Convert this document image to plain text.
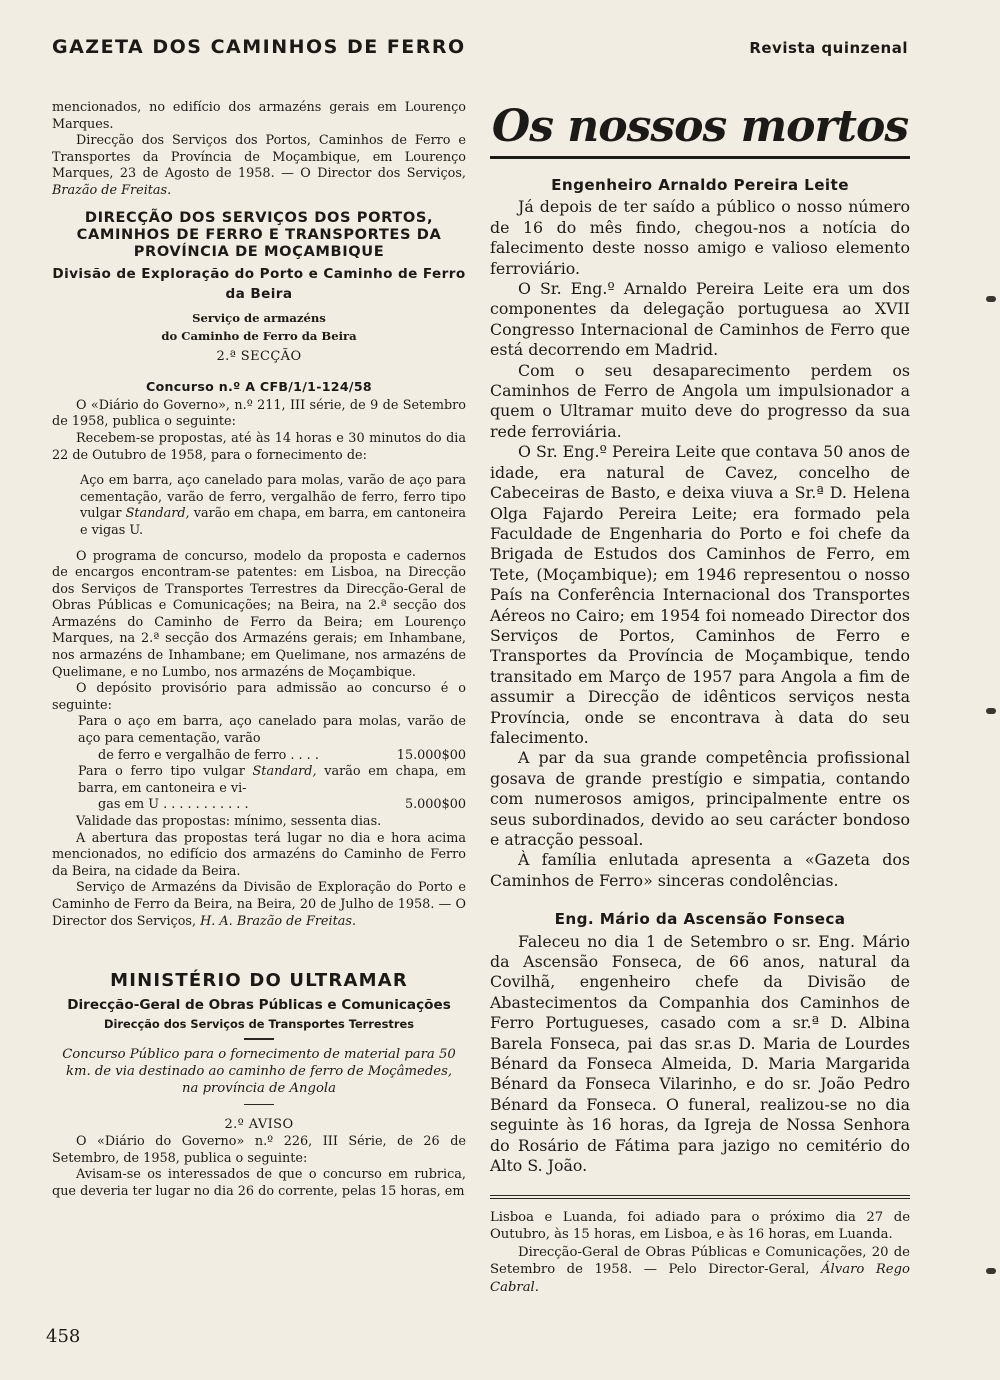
GAZETA DOS CAMINHOS DE FERRO	Revista quinzenal

mencionados, no edifício dos armazéns gerais em Lourenço Marques.

Direcção dos Serviços dos Portos, Caminhos de Ferro e Transportes da Província de Moçambique, em Lourenço Marques, 23 de Agosto de 1958. — O Director dos Serviços, Brazão de Freitas.

DIRECÇÃO DOS SERVIÇOS DOS PORTOS, CAMINHOS DE FERRO E TRANSPORTES DA PROVÍNCIA DE MOÇAMBIQUE

Divisão de Exploração do Porto e Caminho de Ferro da Beira

Serviço de armazéns
do Caminho de Ferro da Beira

2.ª SECÇÃO

Concurso n.º A CFB/1/1-124/58

O «Diário do Governo», n.º 211, III série, de 9 de Setembro de 1958, publica o seguinte:

Recebem-se propostas, até às 14 horas e 30 minutos do dia 22 de Outubro de 1958, para o fornecimento de:

Aço em barra, aço canelado para molas, varão de aço para cementação, varão de ferro, vergalhão de ferro, ferro tipo vulgar Standard, varão em chapa, em barra, em cantoneira e vigas U.

O programa de concurso, modelo da proposta e cadernos de encargos encontram-se patentes: em Lisboa, na Direcção dos Serviços de Transportes Terrestres da Direcção-Geral de Obras Públicas e Comunicações; na Beira, na 2.ª secção dos Armazéns do Caminho de Ferro da Beira; em Lourenço Marques, na 2.ª secção dos Armazéns gerais; em Inhambane, nos armazéns de Inhambane; em Quelimane, nos armazéns de Quelimane, e no Lumbo, nos armazéns de Moçambique.

O depósito provisório para admissão ao concurso é o seguinte:

Para o aço em barra, aço canelado para molas, varão de aço para cementação, varão

de ferro e vergalhão de ferro . . . .	15.000$00

Para o ferro tipo vulgar Standard, varão em chapa, em barra, em cantoneira e vi-

gas em U . . . . . . . . . . .	5.000$00

Validade das propostas: mínimo, sessenta dias.

A abertura das propostas terá lugar no dia e hora acima mencionados, no edifício dos armazéns do Caminho de Ferro da Beira, na cidade da Beira.

Serviço de Armazéns da Divisão de Exploração do Porto e Caminho de Ferro da Beira, na Beira, 20 de Julho de 1958. — O Director dos Serviços, H. A. Brazão de Freitas.

MINISTÉRIO DO ULTRAMAR

Direcção-Geral de Obras Públicas e Comunicações

Direcção dos Serviços de Transportes Terrestres

Concurso Público para o fornecimento de material para 50 km. de via destinado ao caminho de ferro de Moçâmedes, na província de Angola

2.º AVISO

O «Diário do Governo» n.º 226, III Série, de 26 de Setembro, de 1958, publica o seguinte:

Avisam-se os interessados de que o concurso em rubrica, que deveria ter lugar no dia 26 do corrente, pelas 15 horas, em

Os nossos mortos

Engenheiro Arnaldo Pereira Leite

Já depois de ter saído a público o nosso número de 16 do mês findo, chegou-nos a notícia do falecimento deste nosso amigo e valioso elemento ferroviário.

O Sr. Eng.º Arnaldo Pereira Leite era um dos componentes da delegação portuguesa ao XVII Congresso Internacional de Caminhos de Ferro que está decorrendo em Madrid.

Com o seu desaparecimento perdem os Caminhos de Ferro de Angola um impulsionador a quem o Ultramar muito deve do progresso da sua rede ferroviária.

O Sr. Eng.º Pereira Leite que contava 50 anos de idade, era natural de Cavez, concelho de Cabeceiras de Basto, e deixa viuva a Sr.ª D. Helena Olga Fajardo Pereira Leite; era formado pela Faculdade de Engenharia do Porto e foi chefe da Brigada de Estudos dos Caminhos de Ferro, em Tete, (Moçambique); em 1946 representou o nosso País na Conferência Internacional dos Transportes Aéreos no Cairo; em 1954 foi nomeado Director dos Serviços de Portos, Caminhos de Ferro e Transportes da Província de Moçambique, tendo transitado em Março de 1957 para Angola a fim de assumir a Direcção de idênticos serviços nesta Província, onde se encontrava à data do seu falecimento.

A par da sua grande competência profissional gosava de grande prestígio e simpatia, contando com numerosos amigos, principalmente entre os seus subordinados, devido ao seu carácter bondoso e atracção pessoal.

À família enlutada apresenta a «Gazeta dos Caminhos de Ferro» sinceras condolências.

Eng. Mário da Ascensão Fonseca

Faleceu no dia 1 de Setembro o sr. Eng. Mário da Ascensão Fonseca, de 66 anos, natural da Covilhã, engenheiro chefe da Divisão de Abastecimentos da Companhia dos Caminhos de Ferro Portugueses, casado com a sr.ª D. Albina Barela Fonseca, pai das sr.as D. Maria de Lourdes Bénard da Fonseca Almeida, D. Maria Margarida Bénard da Fonseca Vilarinho, e do sr. João Pedro Bénard da Fonseca. O funeral, realizou-se no dia seguinte às 16 horas, da Igreja de Nossa Senhora do Rosário de Fátima para jazigo no cemitério do Alto S. João.

Lisboa e Luanda, foi adiado para o próximo dia 27 de Outubro, às 15 horas, em Lisboa, e às 16 horas, em Luanda.

Direcção-Geral de Obras Públicas e Comunicações, 20 de Setembro de 1958. — Pelo Director-Geral, Álvaro Rego Cabral.

458
